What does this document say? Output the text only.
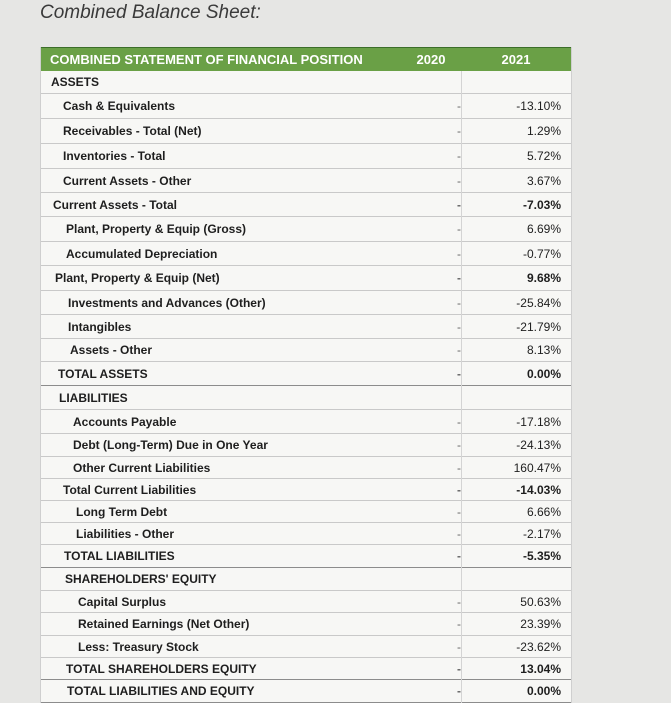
Combined Balance Sheet:
COMBINED STATEMENT OF FINANCIAL POSITION	2020	2021
ASSETS
Cash & Equivalents	-	-13.10%
Receivables - Total (Net)	-	1.29%
Inventories - Total	-	5.72%
Current Assets - Other	-	3.67%
Current Assets - Total	-	-7.03%
Plant, Property & Equip (Gross)	-	6.69%
Accumulated Depreciation	-	-0.77%
Plant, Property & Equip (Net)	-	9.68%
Investments and Advances (Other)	-	-25.84%
Intangibles	-	-21.79%
Assets - Other	-	8.13%
TOTAL ASSETS	-	0.00%
LIABILITIES
Accounts Payable	-	-17.18%
Debt (Long-Term) Due in One Year	-	-24.13%
Other Current Liabilities	-	160.47%
Total Current Liabilities	-	-14.03%
Long Term Debt	-	6.66%
Liabilities - Other	-	-2.17%
TOTAL LIABILITIES	-	-5.35%
SHAREHOLDERS' EQUITY
Capital Surplus	-	50.63%
Retained Earnings (Net Other)	-	23.39%
Less: Treasury Stock	-	-23.62%
TOTAL SHAREHOLDERS EQUITY	-	13.04%
TOTAL LIABILITIES AND EQUITY	-	0.00%
